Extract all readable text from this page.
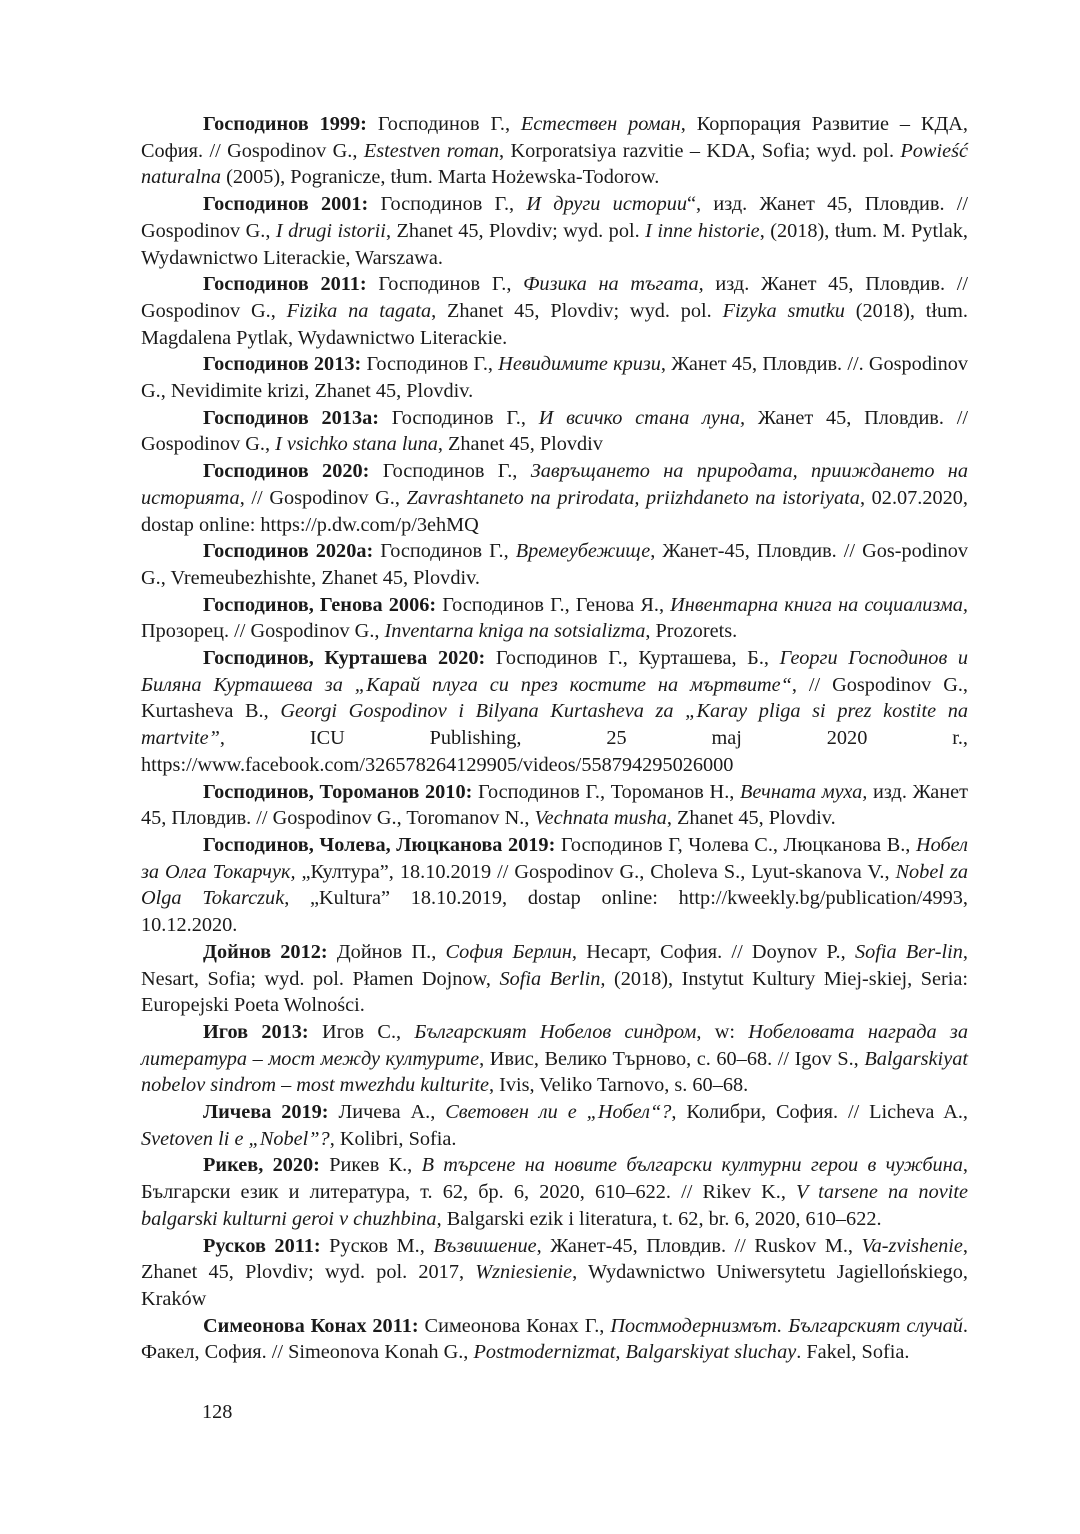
Господинов 1999: Господинов Г., Естествен роман, Корпорация Развитие – КДА, София. // Gospodinov G., Estestven roman, Korporatsiya razvitie – KDA, Sofia; wyd. pol. Powieść naturalna (2005), Pogranicze, tłum. Marta Hożewska-Todorow.

Господинов 2001: Господинов Г., И други истории“, изд. Жанет 45, Пловдив. // Gospodinov G., I drugi istorii, Zhanet 45, Plovdiv; wyd. pol. I inne historie, (2018), tłum. M. Pytlak, Wydawnictwo Literackie, Warszawa.

Господинов 2011: Господинов Г., Физика на тъгата, изд. Жанет 45, Пловдив. // Gospodinov G., Fizika na tagata, Zhanet 45, Plovdiv; wyd. pol. Fizyka smutku (2018), tłum. Magdalena Pytlak, Wydawnictwo Literackie.

Господинов 2013: Господинов Г., Невидимите кризи, Жанет 45, Пловдив. //. Gospodinov G., Nevidimite krizi, Zhanet 45, Plovdiv.

Господинов 2013а: Господинов Г., И всичко стана луна, Жанет 45, Пловдив. // Gospodinov G., I vsichko stana luna, Zhanet 45, Plovdiv

Господинов 2020: Господинов Г., Завръщането на природата, прииждането на историята, // Gospodinov G., Zavrashtaneto na prirodata, priizhdaneto na istoriyata, 02.07.2020, dostap online: https://p.dw.com/p/3ehMQ

Господинов 2020а: Господинов Г., Времеубежище, Жанет-45, Пловдив. // Gos-podinov G., Vremeubezhishte, Zhanet 45, Plovdiv.

Господинов, Генова 2006: Господинов Г., Генова Я., Инвентарна книга на социализма, Прозорец. // Gospodinov G., Inventarna kniga na sotsializma, Prozorets.

Господинов, Курташева 2020: Господинов Г., Курташева, Б., Георги Господинов и Биляна Курташева за „Карай плуга си през костите на мъртвите“, // Gospodinov G., Kurtasheva B., Georgi Gospodinov i Bilyana Kurtasheva za „Karay pliga si prez kostite na martvite”, ICU Publishing, 25 maj 2020 r., https://www.facebook.com/326578264129905/videos/558794295026000

Господинов, Тороманов 2010: Господинов Г., Тороманов Н., Вечната муха, изд. Жанет 45, Пловдив. // Gospodinov G., Toromanov N., Vechnata musha, Zhanet 45, Plovdiv.

Господинов, Чолева, Люцканова 2019: Господинов Г, Чолева С., Люцканова В., Нобел за Олга Токарчук, „Култура”, 18.10.2019 // Gospodinov G., Choleva S., Lyut-skanova V., Nobel za Olga Tokarczuk, „Kultura” 18.10.2019, dostap online: http://kweekly.bg/publication/4993, 10.12.2020.

Дойнов 2012: Дойнов П., София Берлин, Несарт, София. // Doynov P., Sofia Ber-lin, Nesart, Sofia; wyd. pol. Płamen Dojnow, Sofia Berlin, (2018), Instytut Kultury Miej-skiej, Seria: Europejski Poeta Wolności.

Игов 2013: Игов С., Българският Нобелов синдром, w: Нобеловата награда за литература – мост между културите, Ивис, Велико Търново, с. 60–68. // Igov S., Balgarskiyat nobelov sindrom – most mwezhdu kulturite, Ivis, Veliko Tarnovo, s. 60–68.

Личева 2019: Личева А., Световен ли е „Нобел“?, Колибри, София. // Licheva A., Svetoven li e „Nobel”?, Kolibri, Sofia.

Рикев, 2020: Рикев К., В търсене на новите български културни герои в чужбина, Български език и литература, т. 62, бр. 6, 2020, 610–622. // Rikev K., V tarsene na novite balgarski kulturni geroi v chuzhbina, Balgarski ezik i literatura, t. 62, br. 6, 2020, 610–622.

Русков 2011: Русков М., Възвишение, Жанет-45, Пловдив. // Ruskov M., Va-zvishenie, Zhanet 45, Plovdiv; wyd. pol. 2017, Wzniesienie, Wydawnictwo Uniwersytetu Jagiellońskiego, Kraków

Симеонова Конах 2011: Симеонова Конах Г., Постмодернизмът. Българският случай. Факел, София. // Simeonova Konah G., Postmodernizmat, Balgarskiyat sluchay. Fakel, Sofia.

128
